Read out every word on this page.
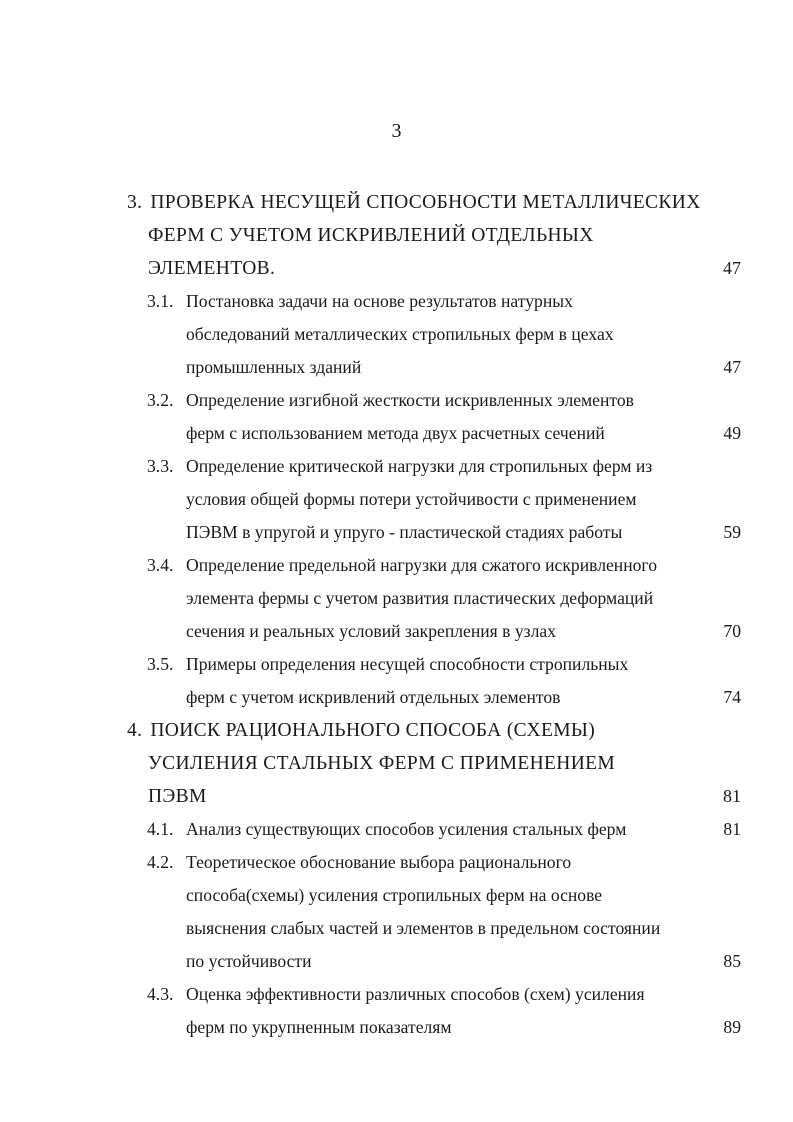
3
3. ПРОВЕРКА НЕСУЩЕЙ СПОСОБНОСТИ МЕТАЛЛИЧЕСКИХ
ФЕРМ С УЧЕТОМ ИСКРИВЛЕНИЙ ОТДЕЛЬНЫХ
ЭЛЕМЕНТОВ.	47
3.1. Постановка задачи на основе результатов натурных
обследований металлических стропильных ферм в цехах
промышленных зданий	47
3.2. Определение изгибной жесткости искривленных элементов
ферм с использованием метода двух расчетных сечений	49
3.3. Определение критической нагрузки для стропильных ферм из
условия общей формы потери устойчивости с применением
ПЭВМ в упругой и упруго - пластической стадиях работы	59
3.4. Определение предельной нагрузки для сжатого искривленного
элемента фермы с учетом развития пластических деформаций
сечения и реальных условий закрепления в узлах	70
3.5. Примеры определения несущей способности стропильных
ферм с учетом искривлений отдельных элементов	74
4. ПОИСК РАЦИОНАЛЬНОГО СПОСОБА (СХЕМЫ)
УСИЛЕНИЯ СТАЛЬНЫХ ФЕРМ С ПРИМЕНЕНИЕМ
ПЭВМ	81
4.1. Анализ существующих способов усиления стальных ферм	81
4.2. Теоретическое обоснование выбора рациональнoго
способа(схемы) усиления стропильных ферм на основе
выяснения слабых частей и элементов в предельном состоянии
по устойчивости	85
4.3. Оценка эффективности различных способов (схем) усиления
ферм по укрупненным показателям	89
